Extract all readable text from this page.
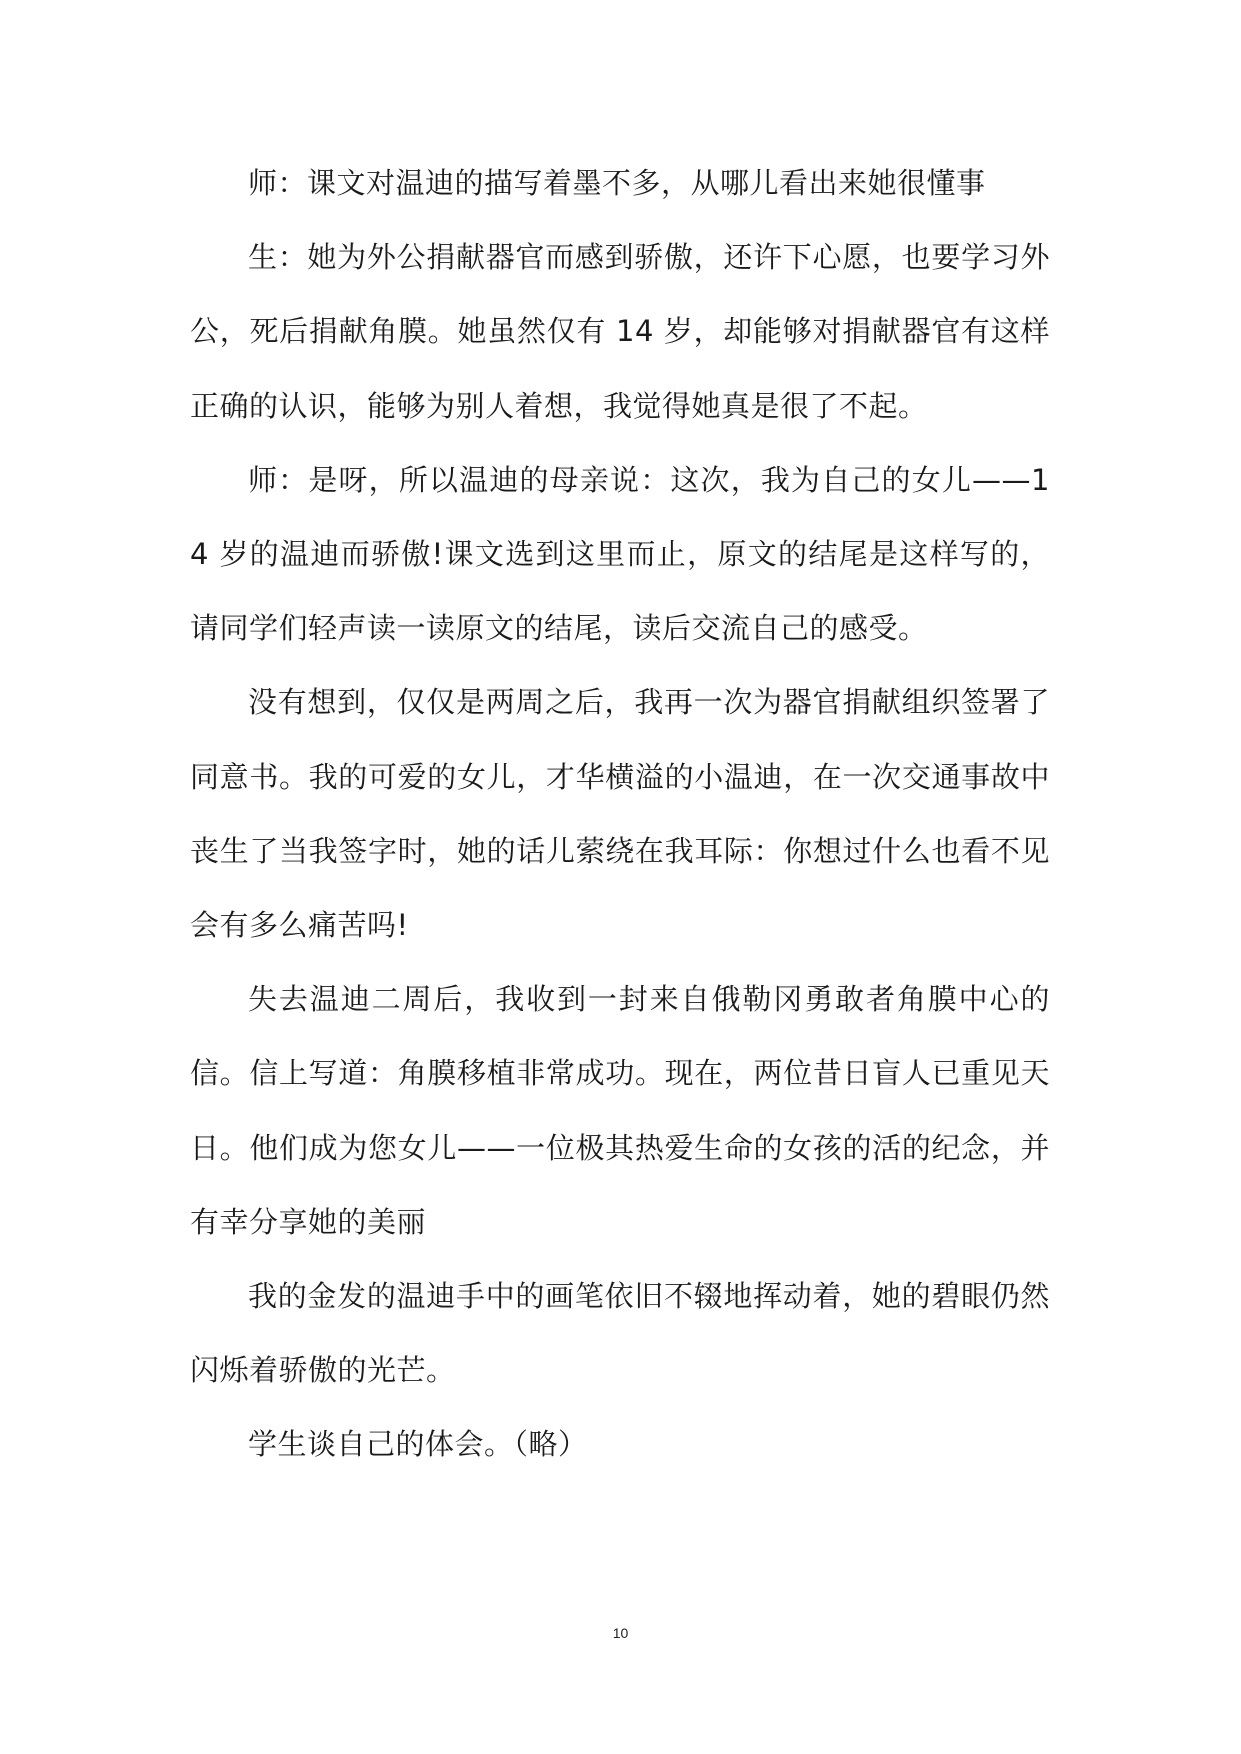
师：课文对温迪的描写着墨不多，从哪儿看出来她很懂事

生：她为外公捐献器官而感到骄傲，还许下心愿，也要学习外公，死后捐献角膜。她虽然仅有 14 岁，却能够对捐献器官有这样正确的认识，能够为别人着想，我觉得她真是很了不起。

师：是呀，所以温迪的母亲说：这次，我为自己的女儿——14 岁的温迪而骄傲!课文选到这里而止，原文的结尾是这样写的，请同学们轻声读一读原文的结尾，读后交流自己的感受。

没有想到，仅仅是两周之后，我再一次为器官捐献组织签署了同意书。我的可爱的女儿，才华横溢的小温迪，在一次交通事故中丧生了当我签字时，她的话儿萦绕在我耳际：你想过什么也看不见会有多么痛苦吗!

失去温迪二周后，我收到一封来自俄勒冈勇敢者角膜中心的信。信上写道：角膜移植非常成功。现在，两位昔日盲人已重见天日。他们成为您女儿——一位极其热爱生命的女孩的活的纪念，并有幸分享她的美丽

我的金发的温迪手中的画笔依旧不辍地挥动着，她的碧眼仍然闪烁着骄傲的光芒。

学生谈自己的体会。（略）

10
